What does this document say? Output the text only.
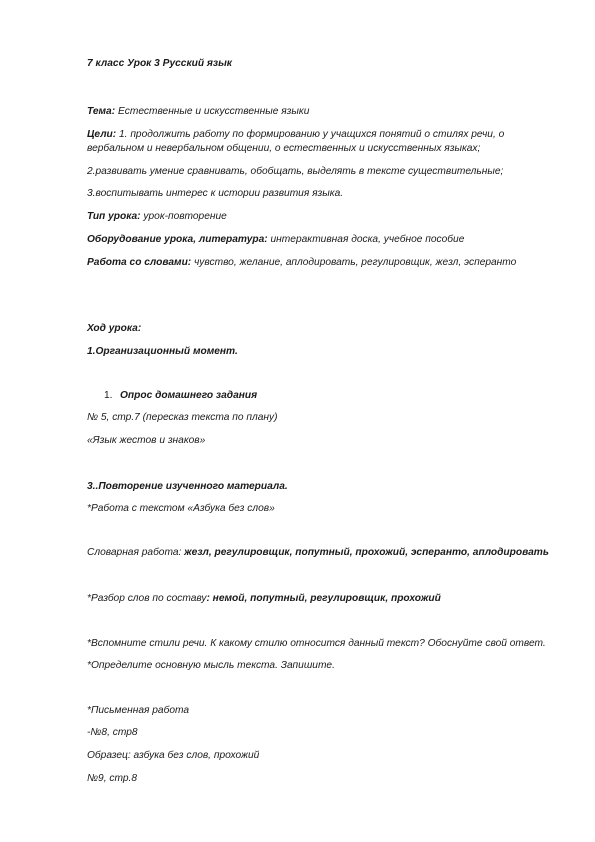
7 класс Урок 3 Русский язык
Тема: Естественные и искусственные языки
Цели: 1. продолжить работу по формированию у учащихся понятий о стилях речи, о
вербальном и невербальном общении, о естественных и искусственных языках;
2.развивать умение сравнивать, обобщать, выделять в тексте существительные;
3.воспитывать интерес к истории развития языка.
Тип урока: урок-повторение
Оборудование урока, литература: интерактивная доска, учебное пособие
Работа со словами: чувство, желание, аплодировать, регулировщик, жезл, эсперанто
Ход урока:
1.Организационный момент.
1. Опрос домашнего задания
№ 5, стр.7 (пересказ текста по плану)
«Язык жестов и знаков»
3..Повторение изученного материала.
*Работа с текстом «Азбука без слов»
Словарная работа: жезл, регулировщик, попутный, прохожий, эсперанто, аплодировать
*Разбор слов по составу: немой, попутный, регулировщик, прохожий
*Вспомните стили речи. К какому стилю относится данный текст? Обоснуйте свой ответ.
*Определите основную мысль текста. Запишите.
*Письменная работа
-№8, стр8
Образец: азбука без слов, прохожий
№9, стр.8
